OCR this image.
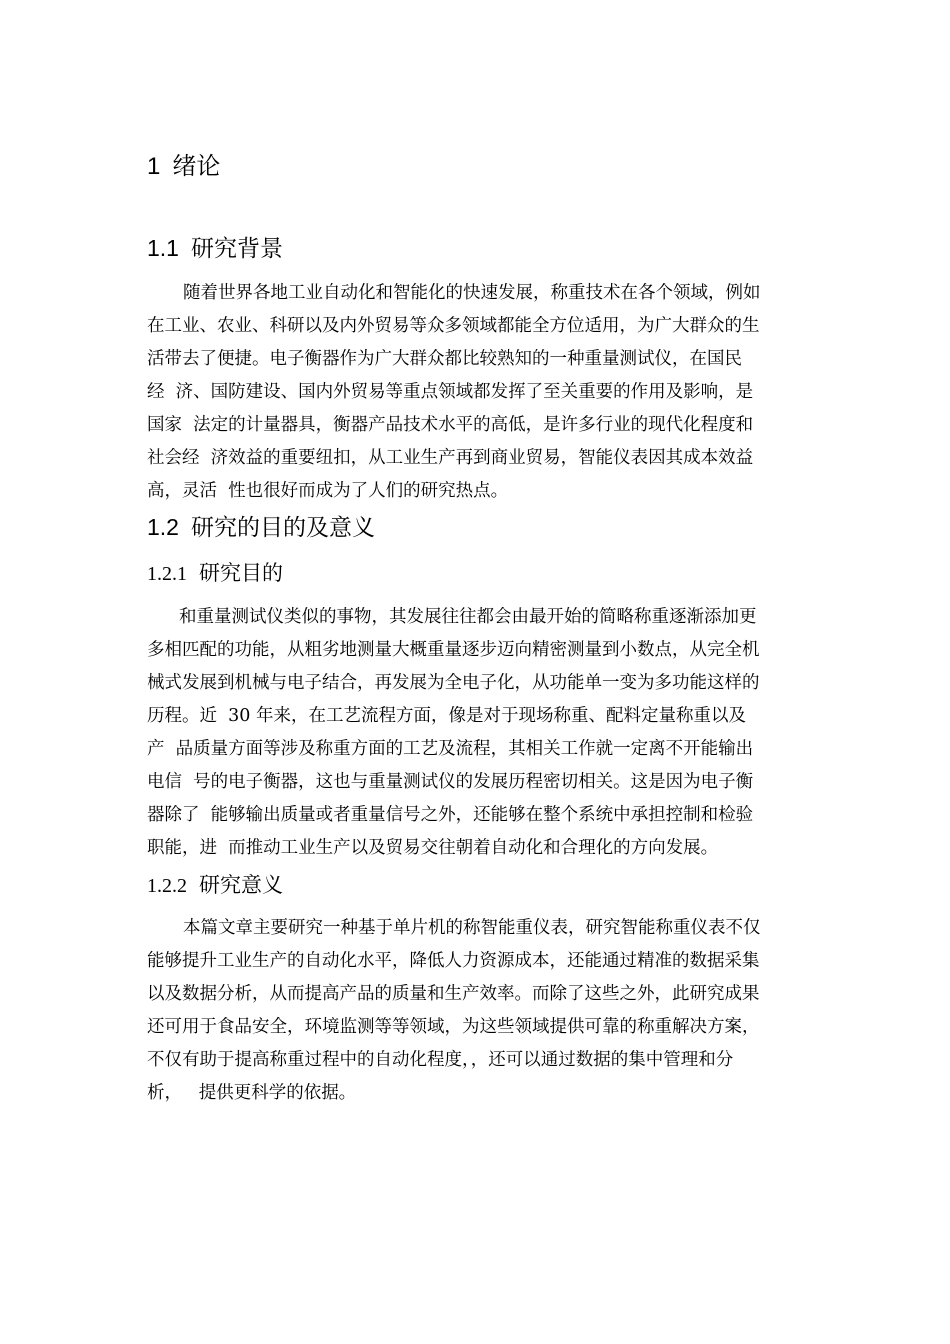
1 绪论
1.1 研究背景
随着世界各地工业自动化和智能化的快速发展，称重技术在各个领域，例如
在工业、农业、科研以及内外贸易等众多领域都能全方位适用，为广大群众的生
活带去了便捷。电子衡器作为广大群众都比较熟知的一种重量测试仪，在国民
经  济、国防建设、国内外贸易等重点领域都发挥了至关重要的作用及影响，是
国家  法定的计量器具，衡器产品技术水平的高低，是许多行业的现代化程度和
社会经  济效益的重要纽扣，从工业生产再到商业贸易，智能仪表因其成本效益
高，灵活  性也很好而成为了人们的研究热点。
1.2 研究的目的及意义
1.2.1 研究目的
和重量测试仪类似的事物，其发展往往都会由最开始的简略称重逐渐添加更
多相匹配的功能，从粗劣地测量大概重量逐步迈向精密测量到小数点，从完全机
械式发展到机械与电子结合，再发展为全电子化，从功能单一变为多功能这样的
历程。近  30 年来，在工艺流程方面，像是对于现场称重、配料定量称重以及
产  品质量方面等涉及称重方面的工艺及流程，其相关工作就一定离不开能输出
电信  号的电子衡器，这也与重量测试仪的发展历程密切相关。这是因为电子衡
器除了  能够输出质量或者重量信号之外，还能够在整个系统中承担控制和检验
职能，进  而推动工业生产以及贸易交往朝着自动化和合理化的方向发展。
1.2.2 研究意义
本篇文章主要研究一种基于单片机的称智能重仪表，研究智能称重仪表不仅
能够提升工业生产的自动化水平，降低人力资源成本，还能通过精准的数据采集
以及数据分析，从而提高产品的质量和生产效率。而除了这些之外，此研究成果
还可用于食品安全，环境监测等等领域，为这些领域提供可靠的称重解决方案，
不仅有助于提高称重过程中的自动化程度，，还可以通过数据的集中管理和分
析，   提供更科学的依据。
